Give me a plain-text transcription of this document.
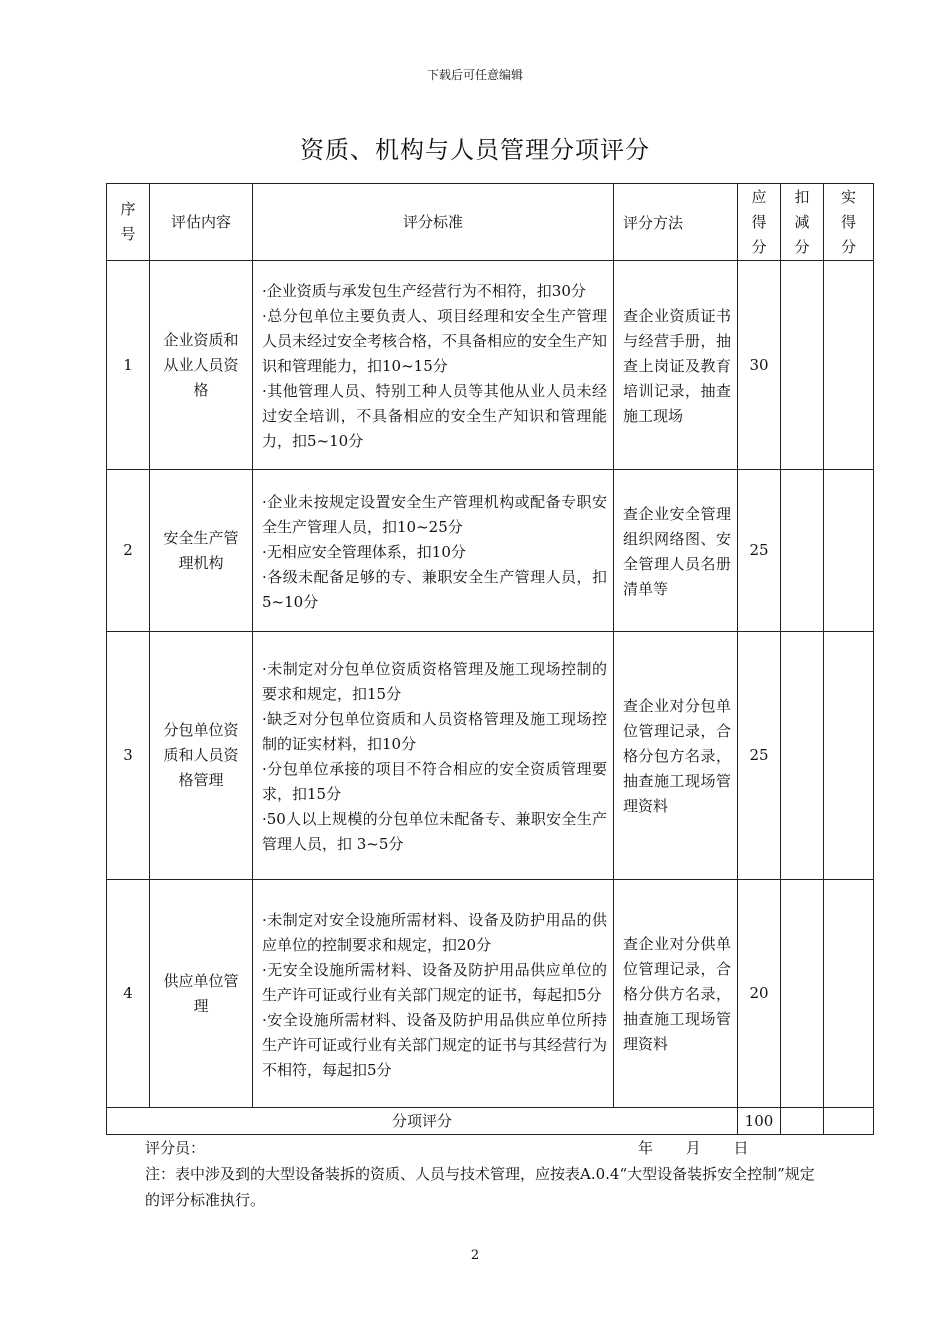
下载后可任意编辑
资质、机构与人员管理分项评分
序号	评估内容	评分标准	评分方法	应得分	扣减分	实得分

1	企业资质和从业人员资格	·企业资质与承发包生产经营行为不相符，扣30分

·总分包单位主要负责人、项目经理和安全生产管理人员未经过安全考核合格，不具备相应的安全生产知识和管理能力，扣10~15分

·其他管理人员、特别工种人员等其他从业人员未经过安全培训，不具备相应的安全生产知识和管理能力，扣5~10分	查企业资质证书与经营手册，抽查上岗证及教育培训记录，抽查施工现场	30		
2	安全生产管理机构	·企业未按规定设置安全生产管理机构或配备专职安全生产管理人员，扣10~25分

·无相应安全管理体系，扣10分

·各级未配备足够的专、兼职安全生产管理人员，扣5~10分	查企业安全管理组织网络图、安全管理人员名册清单等	25		
3	分包单位资质和人员资格管理	·未制定对分包单位资质资格管理及施工现场控制的要求和规定，扣15分

·缺乏对分包单位资质和人员资格管理及施工现场控制的证实材料，扣10分

·分包单位承接的项目不符合相应的安全资质管理要求，扣15分

·50人以上规模的分包单位未配备专、兼职安全生产管理人员，扣 3~5分	查企业对分包单位管理记录，合格分包方名录，抽查施工现场管理资料	25		
4	供应单位管理	·未制定对安全设施所需材料、设备及防护用品的供应单位的控制要求和规定，扣20分

·无安全设施所需材料、设备及防护用品供应单位的生产许可证或行业有关部门规定的证书，每起扣5分

·安全设施所需材料、设备及防护用品供应单位所持生产许可证或行业有关部门规定的证书与其经营行为不相符，每起扣5分	查企业对分供单位管理记录，合格分供方名录，抽查施工现场管理资料	20		
分项评分				100		
评分员：	年 月 日
注：表中涉及到的大型设备装拆的资质、人员与技术管理，应按表A.0.4“大型设备装拆安全控制”规定的评分标准执行。
2
